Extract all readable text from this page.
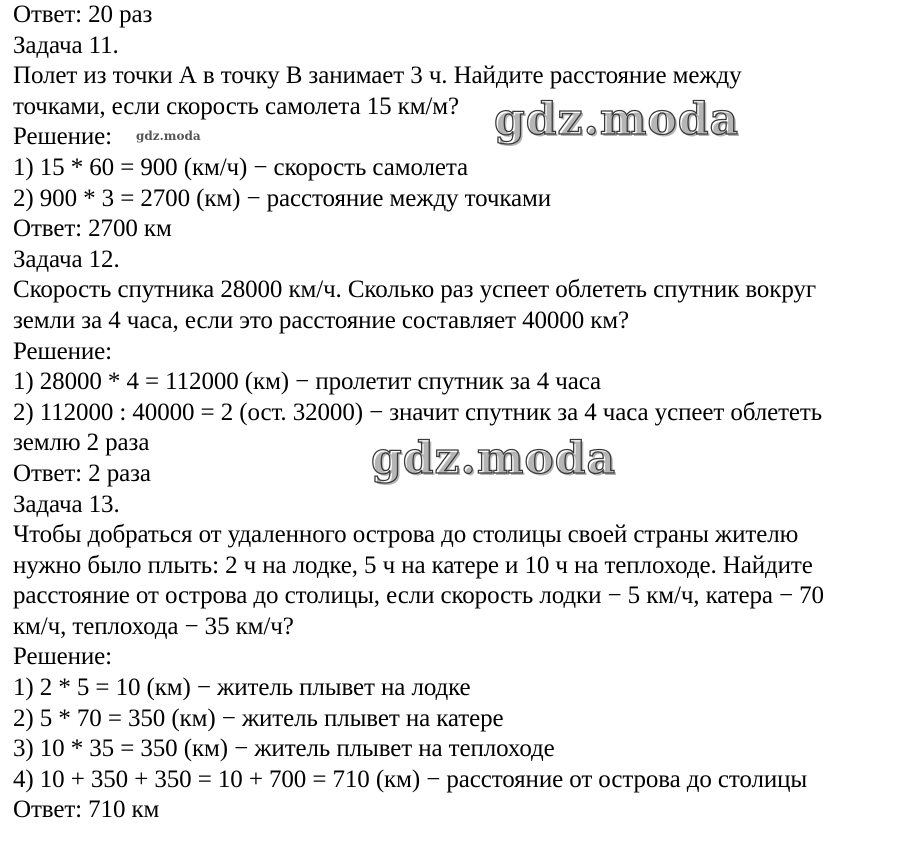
Ответ: 20 раз
Задача 11.
Полет из точки А в точку В занимает 3 ч. Найдите расстояние между
точками, если скорость самолета 15 км/м?
Решение:
1) 15 * 60 = 900 (км/ч) − скорость самолета
2) 900 * 3 = 2700 (км) − расстояние между точками
Ответ: 2700 км
Задача 12.
Скорость спутника 28000 км/ч. Сколько раз успеет облететь спутник вокруг
земли за 4 часа, если это расстояние составляет 40000 км?
Решение:
1) 28000 * 4 = 112000 (км) − пролетит спутник за 4 часа
2) 112000 : 40000 = 2 (ост. 32000) − значит спутник за 4 часа успеет облететь
землю 2 раза
Ответ: 2 раза
Задача 13.
Чтобы добраться от удаленного острова до столицы своей страны жителю
нужно было плыть: 2 ч на лодке, 5 ч на катере и 10 ч на теплоходе. Найдите
расстояние от острова до столицы, если скорость лодки − 5 км/ч, катера − 70
км/ч, теплохода − 35 км/ч?
Решение:
1) 2 * 5 = 10 (км) − житель плывет на лодке
2) 5 * 70 = 350 (км) − житель плывет на катере
3) 10 * 35 = 350 (км) − житель плывет на теплоходе
4) 10 + 350 + 350 = 10 + 700 = 710 (км) − расстояние от острова до столицы
Ответ: 710 км
gdz.moda
gdz.moda
gdz.moda
